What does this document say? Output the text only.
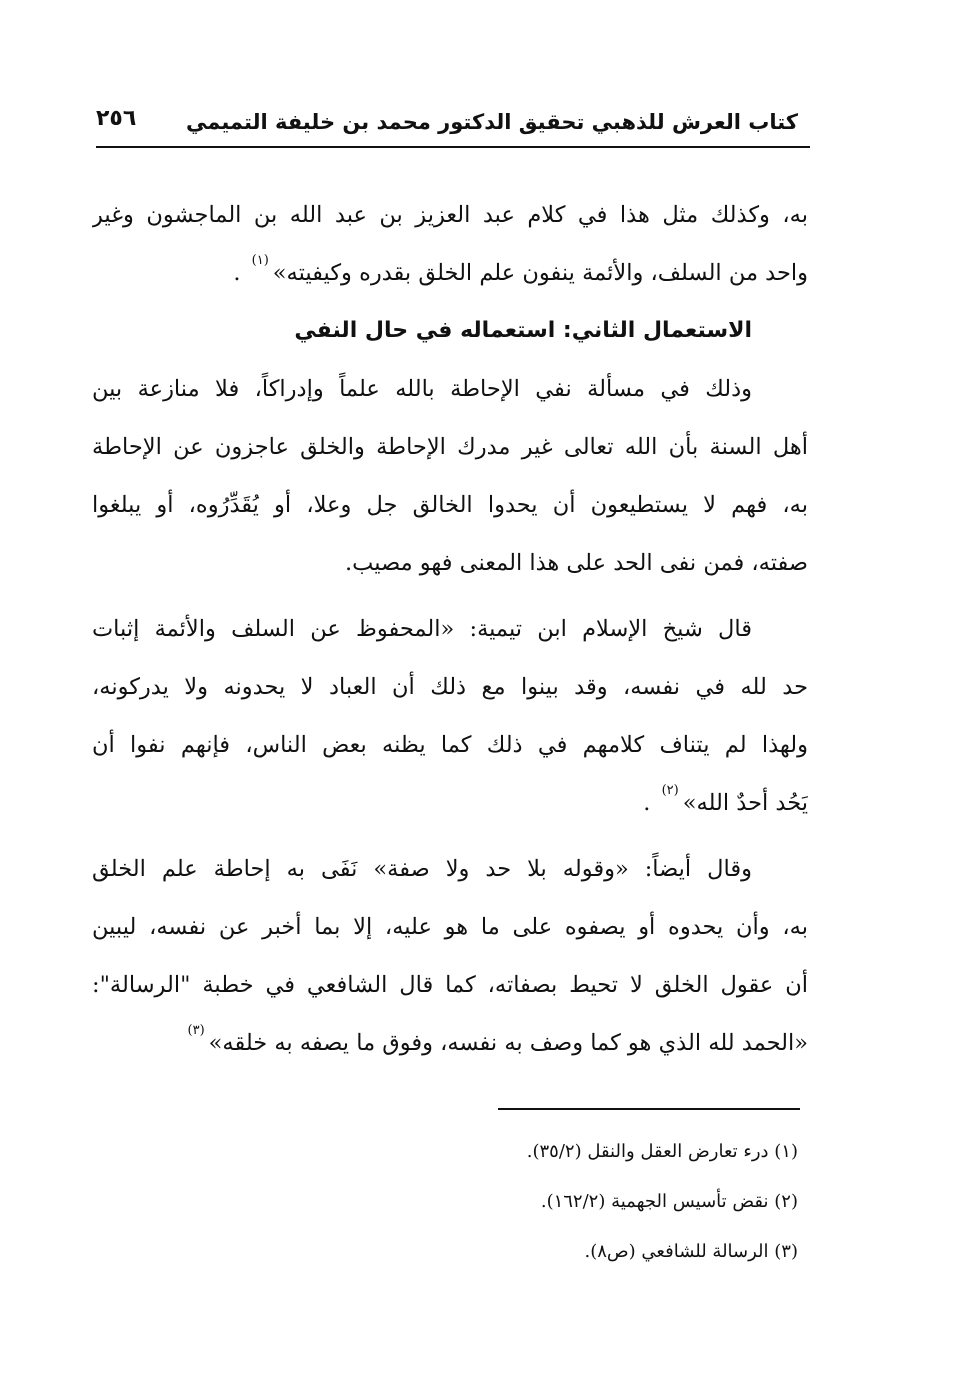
كتاب العرش للذهبي تحقيق الدكتور محمد بن خليفة التميمي
٢٥٦
به، وكذلك مثل هذا في كلام عبد العزيز بن عبد الله بن الماجشون وغير
واحد من السلف، والأئمة ينفون علم الخلق بقدره وكيفيته»$^{(١)}$ .
الاستعمال الثاني: استعماله في حال النفي
وذلك في مسألة نفي الإحاطة بالله علماً وإدراكاً، فلا منازعة بين
أهل السنة بأن الله تعالى غير مدرك الإحاطة والخلق عاجزون عن الإحاطة
به، فهم لا يستطيعون أن يحدوا الخالق جل وعلا، أو يُقَدِّرُوه، أو يبلغوا
صفته، فمن نفى الحد على هذا المعنى فهو مصيب.
قال شيخ الإسلام ابن تيمية: «المحفوظ عن السلف والأئمة إثبات
حد لله في نفسه، وقد بينوا مع ذلك أن العباد لا يحدونه ولا يدركونه،
ولهذا لم يتناف كلامهم في ذلك كما يظنه بعض الناس، فإنهم نفوا أن
يَحُد أحدٌ الله»$^{(٢)}$ .
وقال أيضاً: «وقوله بلا حد ولا صفة» نَفَى به إحاطة علم الخلق
به، وأن يحدوه أو يصفوه على ما هو عليه، إلا بما أخبر عن نفسه، ليبين
أن عقول الخلق لا تحيط بصفاته، كما قال الشافعي في خطبة "الرسالة":
«الحمد لله الذي هو كما وصف به نفسه، وفوق ما يصفه به خلقه»$^{(٣)}$
(١) درء تعارض العقل والنقل (٣٥/٢).
(٢) نقض تأسيس الجهمية (١٦٢/٢).
(٣) الرسالة للشافعي (ص٨).
